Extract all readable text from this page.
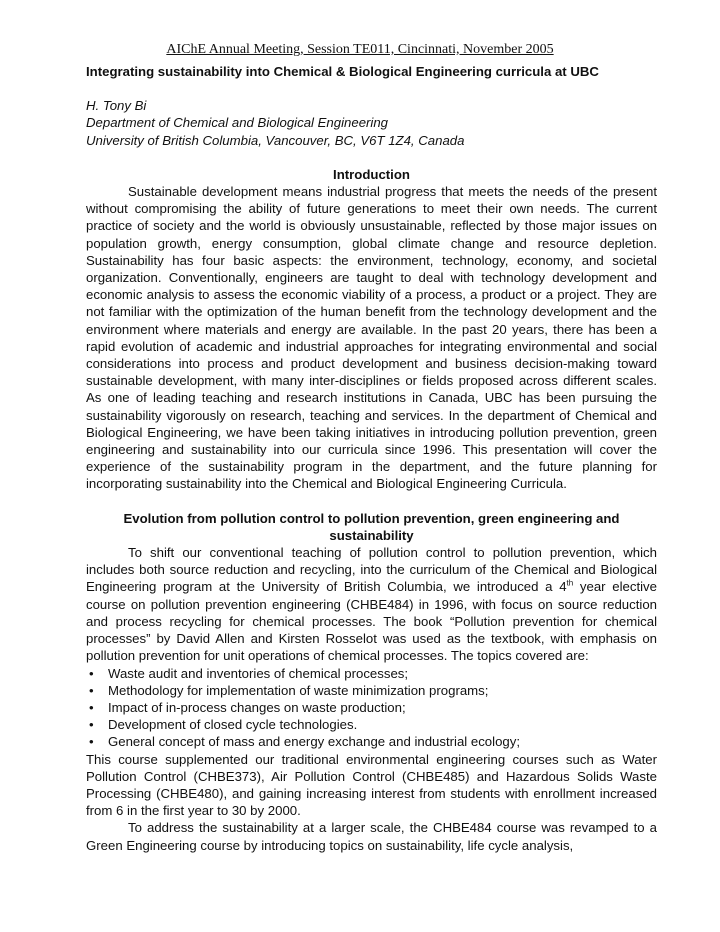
AIChE Annual Meeting, Session TE011, Cincinnati, November 2005

Integrating sustainability into Chemical & Biological Engineering curricula at UBC

H. Tony Bi

Department of Chemical and Biological Engineering

University of British Columbia, Vancouver, BC, V6T 1Z4, Canada

Introduction

Sustainable development means industrial progress that meets the needs of the present without compromising the ability of future generations to meet their own needs. The current practice of society and the world is obviously unsustainable, reflected by those major issues on population growth, energy consumption, global climate change and resource depletion. Sustainability has four basic aspects: the environment, technology, economy, and societal organization. Conventionally, engineers are taught to deal with technology development and economic analysis to assess the economic viability of a process, a product or a project. They are not familiar with the optimization of the human benefit from the technology development and the environment where materials and energy are available. In the past 20 years, there has been a rapid evolution of academic and industrial approaches for integrating environmental and social considerations into process and product development and business decision-making toward sustainable development, with many inter-disciplines or fields proposed across different scales. As one of leading teaching and research institutions in Canada, UBC has been pursuing the sustainability vigorously on research, teaching and services. In the department of Chemical and Biological Engineering, we have been taking initiatives in introducing pollution prevention, green engineering and sustainability into our curricula since 1996. This presentation will cover the experience of the sustainability program in the department, and the future planning for incorporating sustainability into the Chemical and Biological Engineering Curricula.

Evolution from pollution control to pollution prevention, green engineering and sustainability

To shift our conventional teaching of pollution control to pollution prevention, which includes both source reduction and recycling, into the curriculum of the Chemical and Biological Engineering program at the University of British Columbia, we introduced a 4th year elective course on pollution prevention engineering (CHBE484) in 1996, with focus on source reduction and process recycling for chemical processes. The book “Pollution prevention for chemical processes” by David Allen and Kirsten Rosselot was used as the textbook, with emphasis on pollution prevention for unit operations of chemical processes. The topics covered are:

• Waste audit and inventories of chemical processes;
• Methodology for implementation of waste minimization programs;
• Impact of in-process changes on waste production;
• Development of closed cycle technologies.
• General concept of mass and energy exchange and industrial ecology;

This course supplemented our traditional environmental engineering courses such as Water Pollution Control (CHBE373), Air Pollution Control (CHBE485) and Hazardous Solids Waste Processing (CHBE480), and gaining increasing interest from students with enrollment increased from 6 in the first year to 30 by 2000.

To address the sustainability at a larger scale, the CHBE484 course was revamped to a Green Engineering course by introducing topics on sustainability, life cycle analysis,
